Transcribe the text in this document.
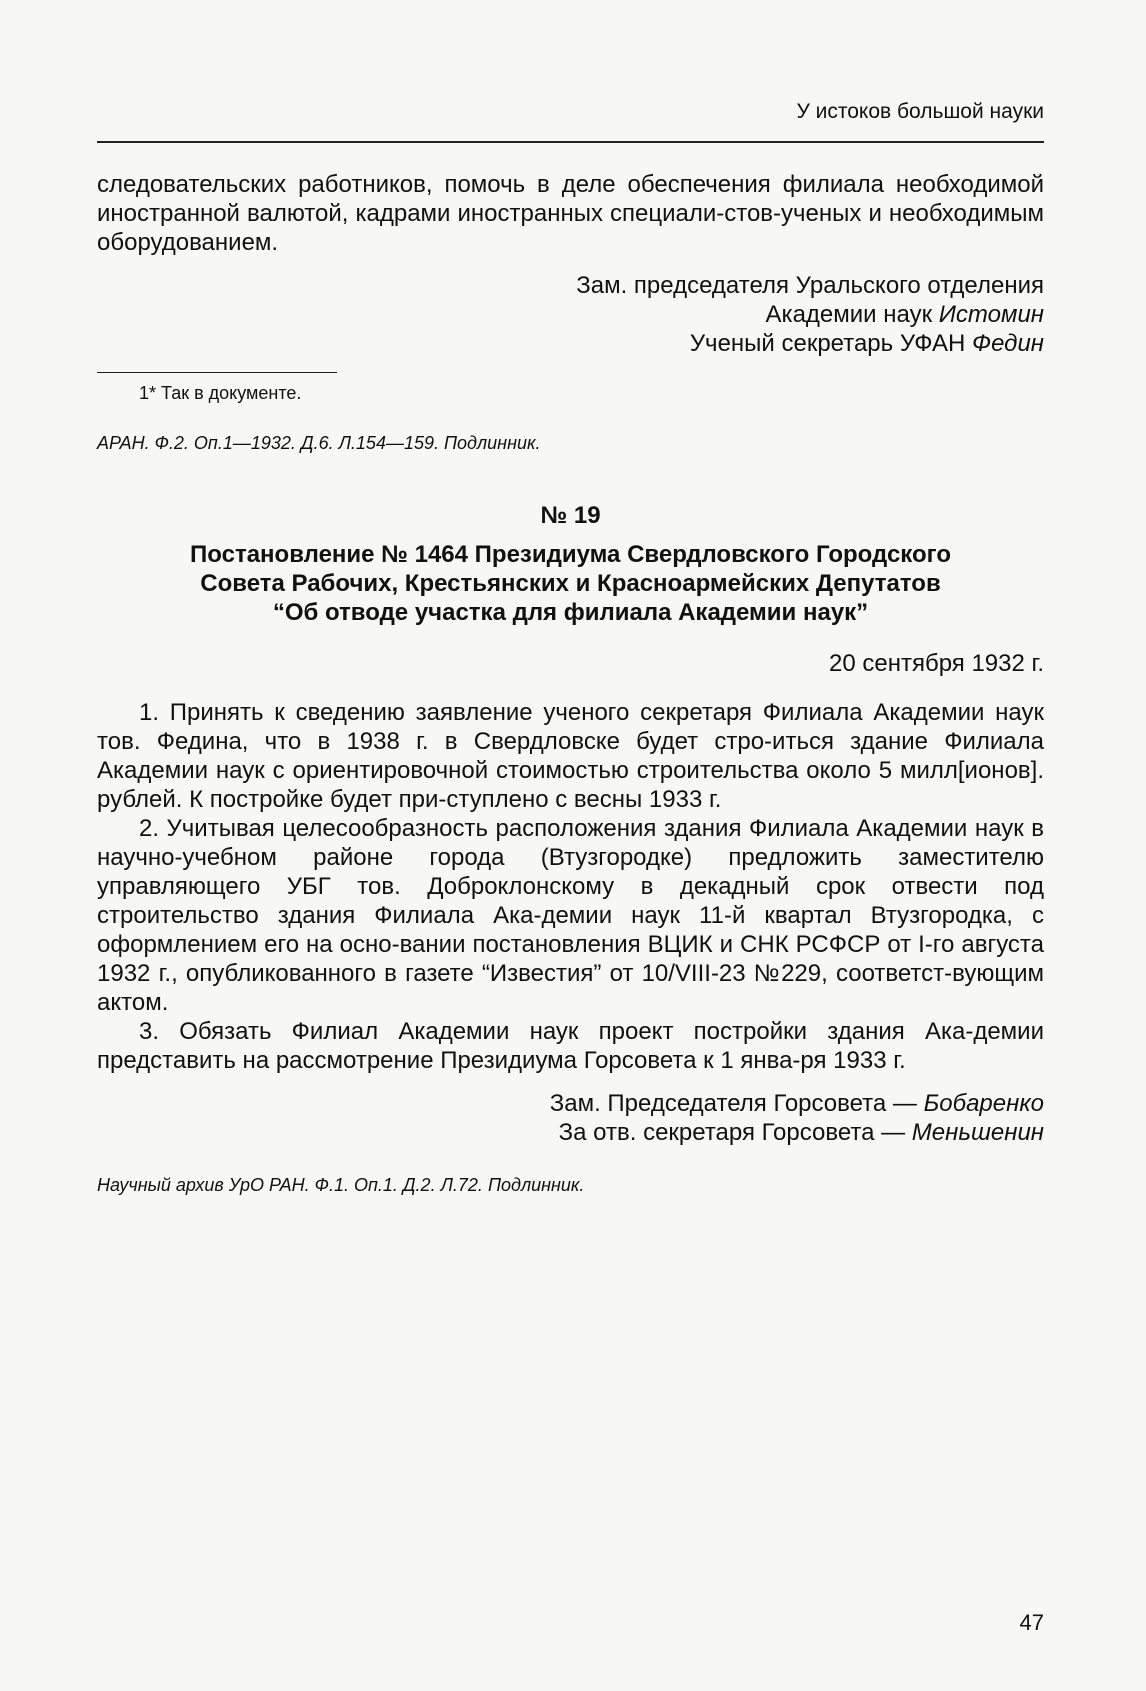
У истоков большой науки

следовательских работников, помочь в деле обеспечения филиала необходимой иностранной валютой, кадрами иностранных специали-стов-ученых и необходимым оборудованием.

Зам. председателя Уральского отделения

Академии наук Истомин

Ученый секретарь УФАН Федин

1* Так в документе.

АРАН. Ф.2. Оп.1—1932. Д.6. Л.154—159. Подлинник.

№ 19

Постановление № 1464 Президиума Свердловского Городского

Совета Рабочих, Крестьянских и Красноармейских Депутатов

“Об отводе участка для филиала Академии наук”

20 сентября 1932 г.

1. Принять к сведению заявление ученого секретаря Филиала Академии наук тов. Федина, что в 1938 г. в Свердловске будет стро-иться здание Филиала Академии наук с ориентировочной стоимостью строительства около 5 милл[ионов]. рублей. К постройке будет при-ступлено с весны 1933 г.

2. Учитывая целесообразность расположения здания Филиала Академии наук в научно-учебном районе города (Втузгородке) предложить заместителю управляющего УБГ тов. Доброклонскому в декадный срок отвести под строительство здания Филиала Ака-демии наук 11-й квартал Втузгородка, с оформлением его на осно-вании постановления ВЦИК и СНК РСФСР от I-го августа 1932 г., опубликованного в газете “Известия” от 10/VIII-23 №229, соответст-вующим актом.

3. Обязать Филиал Академии наук проект постройки здания Ака-демии представить на рассмотрение Президиума Горсовета к 1 янва-ря 1933 г.

Зам. Председателя Горсовета — Бобаренко

За отв. секретаря Горсовета — Меньшенин

Научный архив УрО РАН. Ф.1. Оп.1. Д.2. Л.72. Подлинник.

47
